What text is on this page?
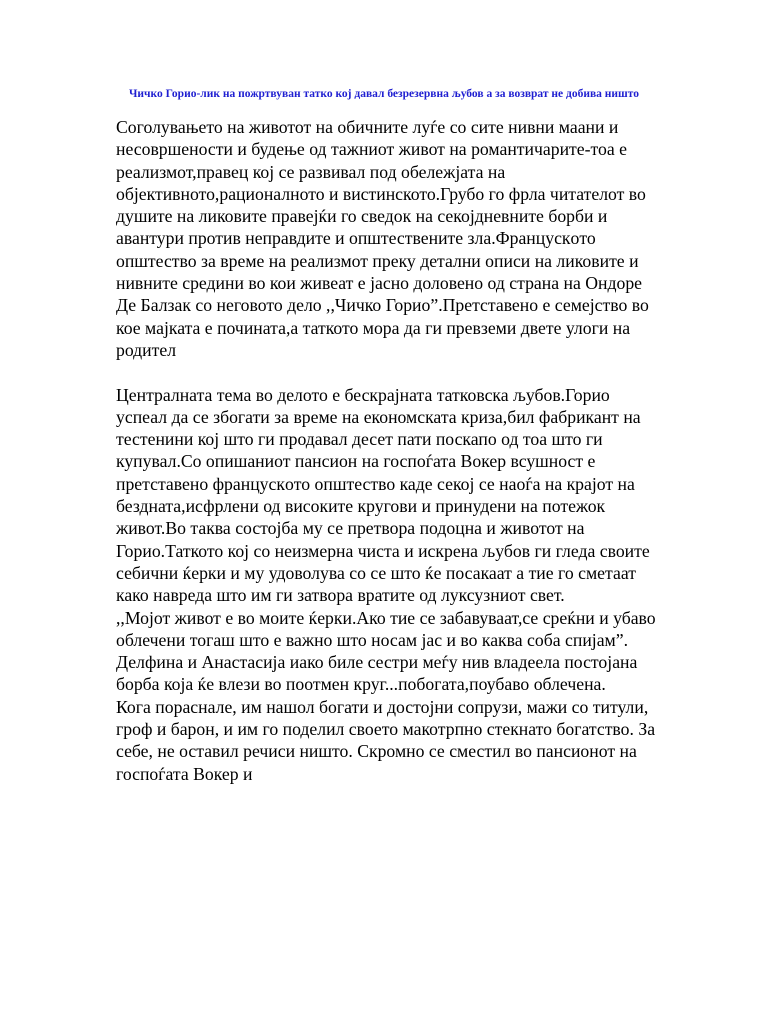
Чичко Горио-лик на пожртвуван татко кој давал безрезервна љубов а за возврат не добива ништо

Соголувањето на животот на обичните луѓе со сите нивни маани и несовршености и будење од тажниот живот на романтичарите-тоа е реализмот,правец кој се развивал под обележјата на објективното,рационалното и вистинското.Грубо го фрла читателот во душите на ликовите правејќи го сведок на секојдневните борби и авантури против неправдите и општествените зла.Францускoто општество за време на реализмот преку детални описи на ликовите и нивните средини во кои живеат е јасно доловено од страна на Ондоре Де Балзак со неговото дело ,,Чичко Горио”.Претставено е семејство во кое мајката е почината,а таткото мора да ги превземи двете улоги на родител

Централната тема во делото е бескрајната татковска љубов.Горио успеал да се збогати за време на економската криза,бил фабрикант на тестенини кој што ги продавал десет пати поскапо од тоа што ги купувал.Со опишаниот пансион на госпоѓата Вокер всушност е претставено францускoто општество каде секој се наоѓа на крајот на бездната,исфрлени од високите кругови и принудени на потежок живот.Во таква состојба му се претвора подоцна и животот на Горио.Таткото кој со неизмерна чиста и искрена љубов ги гледа своите себични ќерки и му удоволува со се што ќе посакаат а тие го сметаат како навреда што им ги затвора вратите од луксузниот свет.

,,Мојот живот е во моите ќерки.Ако тие се забавуваат,се среќни и убаво облечени тогаш што е важно што носам јас и во каква соба спијам”.

Делфина и Анастасија иако биле сестри меѓу нив владеела постојана борба која ќе влези во поотмен круг...побогата,поубаво облечена.

Кога пораснале, им нашол богати и достојни сопрузи, мажи со титули, гроф и барон, и им го поделил своето макотрпно стекнато богатство. За себе, не оставил речиси ништо. Скромно се сместил во пансионот на госпоѓата Вокер и
